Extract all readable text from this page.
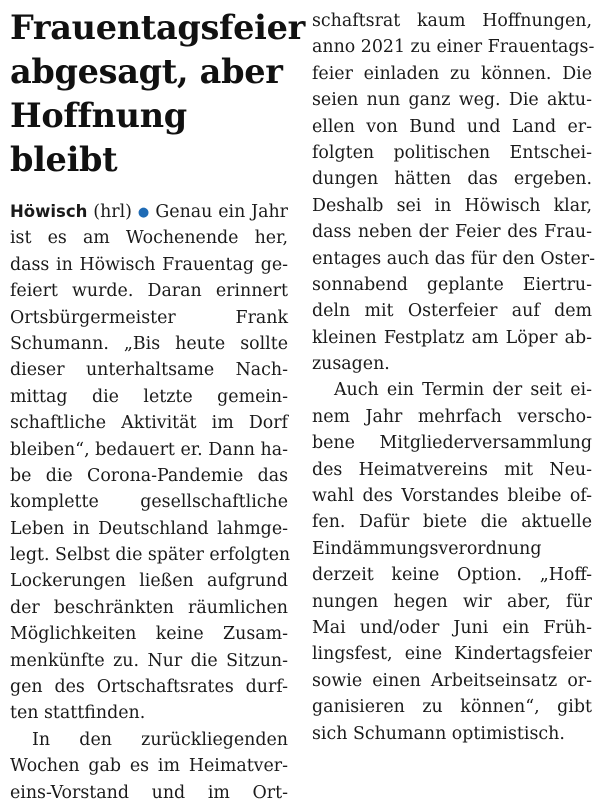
Frauentagsfeier
abgesagt, aber
Hoffnung bleibt
Höwisch (hrl) ● Genau ein Jahr
ist es am Wochenende her,
dass in Höwisch Frauentag ge-
feiert wurde. Daran erinnert
Ortsbürgermeister Frank
Schumann. „Bis heute sollte
dieser unterhaltsame Nach-
mittag die letzte gemein-
schaftliche Aktivität im Dorf
bleiben“, bedauert er. Dann ha-
be die Corona-Pandemie das
komplette gesellschaftliche
Leben in Deutschland lahmge-
legt. Selbst die später erfolgten
Lockerungen ließen aufgrund
der beschränkten räumlichen
Möglichkeiten keine Zusam-
menkünfte zu. Nur die Sitzun-
gen des Ortschaftsrates durf-
ten stattfinden.
In den zurückliegenden
Wochen gab es im Heimatver-
eins-Vorstand und im Ort-
schaftsrat kaum Hoffnungen,
anno 2021 zu einer Frauentags-
feier einladen zu können. Die
seien nun ganz weg. Die aktu-
ellen von Bund und Land er-
folgten politischen Entschei-
dungen hätten das ergeben.
Deshalb sei in Höwisch klar,
dass neben der Feier des Frau-
entages auch das für den Oster-
sonnabend geplante Eiertru-
deln mit Osterfeier auf dem
kleinen Festplatz am Löper ab-
zusagen.
Auch ein Termin der seit ei-
nem Jahr mehrfach verscho-
bene Mitgliederversammlung
des Heimatvereins mit Neu-
wahl des Vorstandes bleibe of-
fen. Dafür biete die aktuelle
Eindämmungsverordnung
derzeit keine Option. „Hoff-
nungen hegen wir aber, für
Mai und/oder Juni ein Früh-
lingsfest, eine Kindertagsfeier
sowie einen Arbeitseinsatz or-
ganisieren zu können“, gibt
sich Schumann optimistisch.
